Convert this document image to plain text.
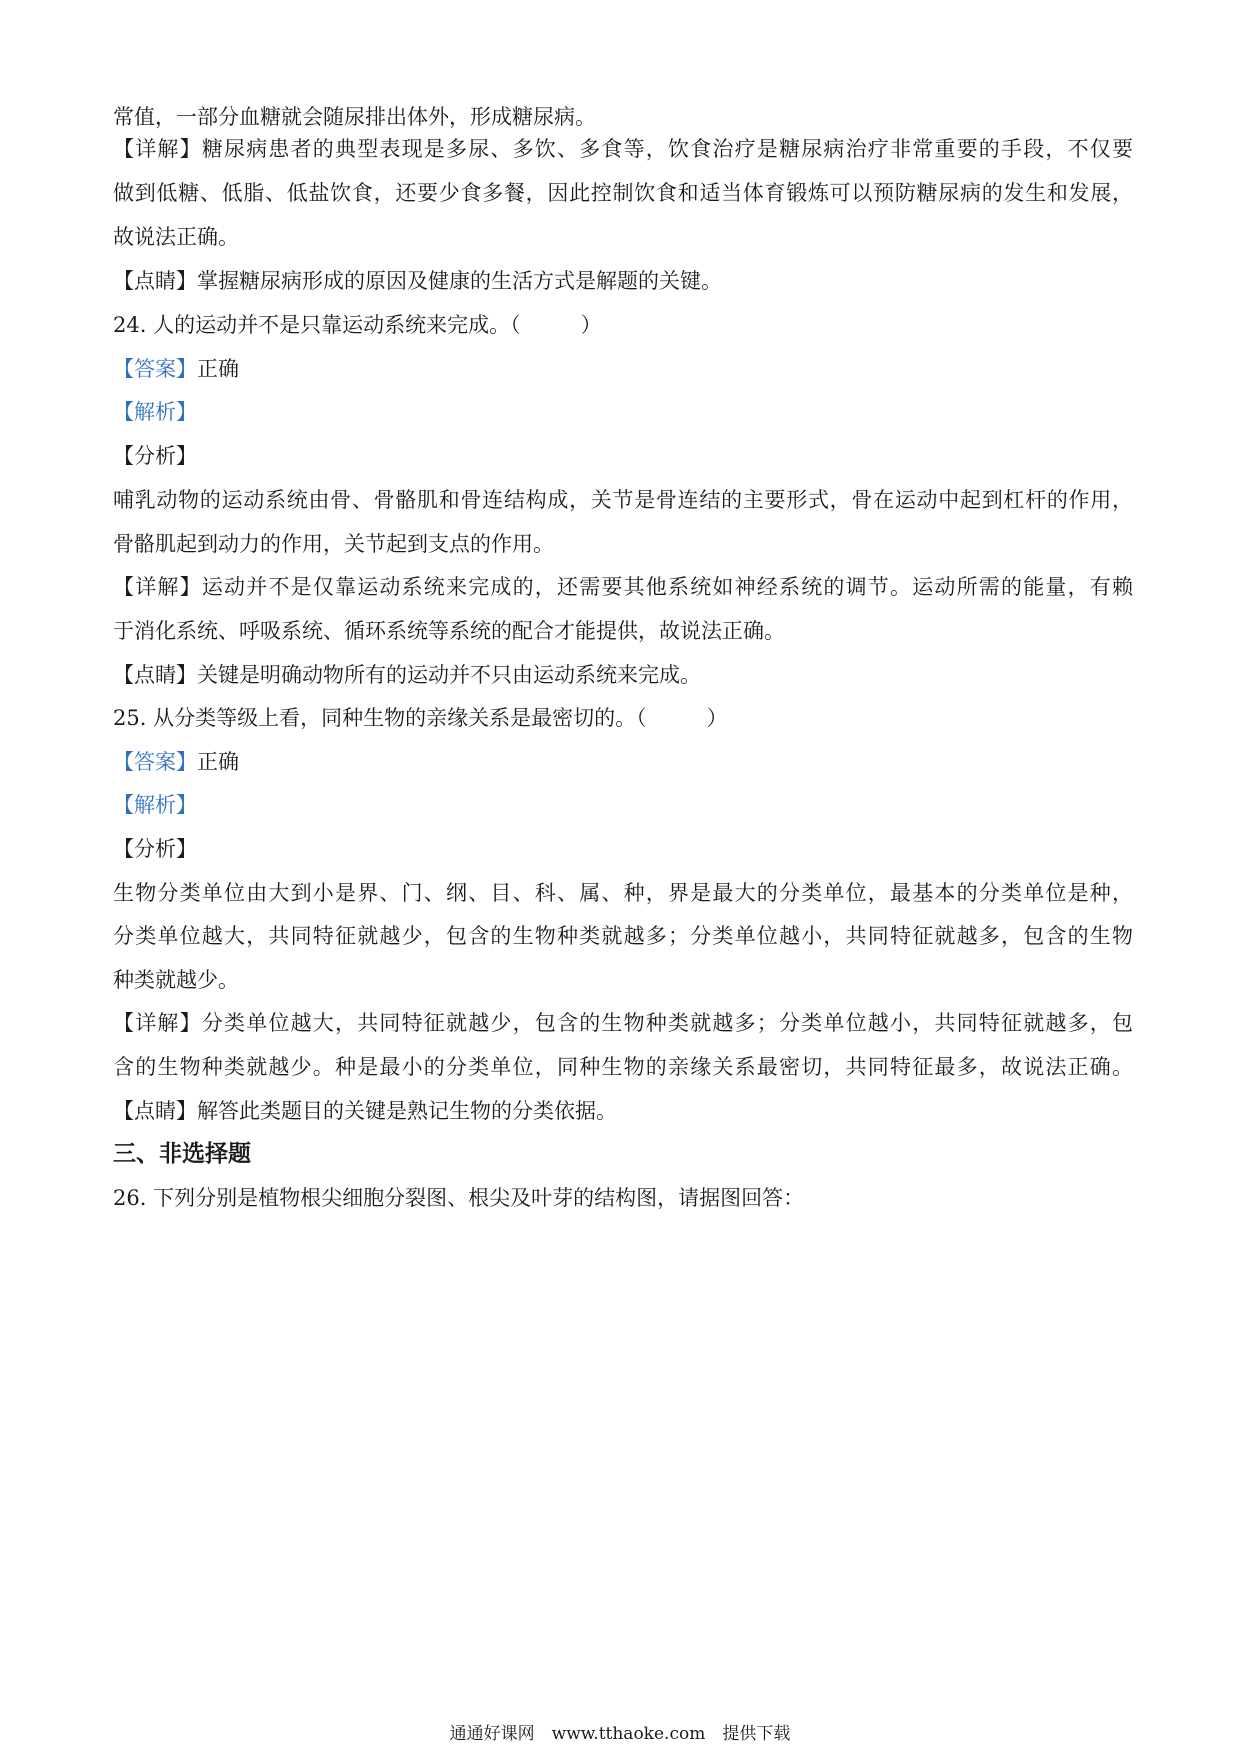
常值，一部分血糖就会随尿排出体外，形成糖尿病。
【详解】糖尿病患者的典型表现是多尿、多饮、多食等，饮食治疗是糖尿病治疗非常重要的手段，不仅要
做到低糖、低脂、低盐饮食，还要少食多餐，因此控制饮食和适当体育锻炼可以预防糖尿病的发生和发展，
故说法正确。
【点睛】掌握糖尿病形成的原因及健康的生活方式是解题的关键。
24. 人的运动并不是只靠运动系统来完成。（	）
【答案】正确
【解析】
【分析】
哺乳动物的运动系统由骨、骨骼肌和骨连结构成，关节是骨连结的主要形式，骨在运动中起到杠杆的作用，
骨骼肌起到动力的作用，关节起到支点的作用。
【详解】运动并不是仅靠运动系统来完成的，还需要其他系统如神经系统的调节。运动所需的能量，有赖
于消化系统、呼吸系统、循环系统等系统的配合才能提供，故说法正确。
【点睛】关键是明确动物所有的运动并不只由运动系统来完成。
25. 从分类等级上看，同种生物的亲缘关系是最密切的。（	）
【答案】正确
【解析】
【分析】
生物分类单位由大到小是界、门、纲、目、科、属、种，界是最大的分类单位，最基本的分类单位是种，
分类单位越大，共同特征就越少，包含的生物种类就越多；分类单位越小，共同特征就越多，包含的生物
种类就越少。
【详解】分类单位越大，共同特征就越少，包含的生物种类就越多；分类单位越小，共同特征就越多，包
含的生物种类就越少。种是最小的分类单位，同种生物的亲缘关系最密切，共同特征最多，故说法正确。
【点睛】解答此类题目的关键是熟记生物的分类依据。
三、非选择题
26. 下列分别是植物根尖细胞分裂图、根尖及叶芽的结构图，请据图回答：
通通好课网　www.tthaoke.com　提供下载
